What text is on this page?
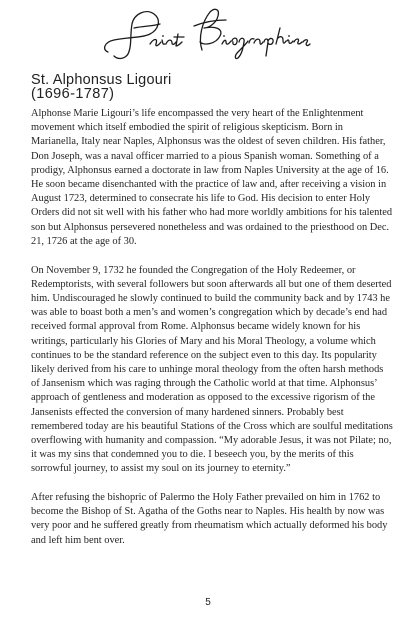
St. Alphonsus Ligouri
(1696-1787)

Alphonse Marie Ligouri’s life encompassed the very heart of the Enlightenment movement which itself embodied the spirit of religious skepticism. Born in Marianella, Italy near Naples, Alphonsus was the oldest of seven children. His father, Don Joseph, was a naval officer married to a pious Spanish woman. Something of a prodigy, Alphonsus earned a doctorate in law from Naples University at the age of 16. He soon became disenchanted with the practice of law and, after receiving a vision in August 1723, determined to consecrate his life to God. His decision to enter Holy Orders did not sit well with his father who had more worldly ambitions for his talented son but Alphonsus persevered nonetheless and was ordained to the priesthood on Dec. 21, 1726 at the age of 30.

On November 9, 1732 he founded the Congregation of the Holy Redeemer, or Redemptorists, with several followers but soon afterwards all but one of them deserted him. Undiscouraged he slowly continued to build the community back and by 1743 he was able to boast both a men’s and women’s congregation which by decade’s end had received formal approval from Rome. Alphonsus became widely known for his writings, particularly his Glories of Mary and his Moral Theology, a volume which continues to be the standard reference on the subject even to this day. Its popularity likely derived from his care to unhinge moral theology from the often harsh methods of Jansenism which was raging through the Catholic world at that time. Alphonsus’ approach of gentleness and moderation as opposed to the excessive rigorism of the Jansenists effected the conversion of many hardened sinners. Probably best remembered today are his beautiful Stations of the Cross which are soulful meditations overflowing with humanity and compassion. “My adorable Jesus, it was not Pilate; no, it was my sins that condemned you to die. I beseech you, by the merits of this sorrowful journey, to assist my soul on its journey to eternity.”

After refusing the bishopric of Palermo the Holy Father prevailed on him in 1762 to become the Bishop of St. Agatha of the Goths near to Naples. His health by now was very poor and he suffered greatly from rheumatism which actually deformed his body and left him bent over.

5
